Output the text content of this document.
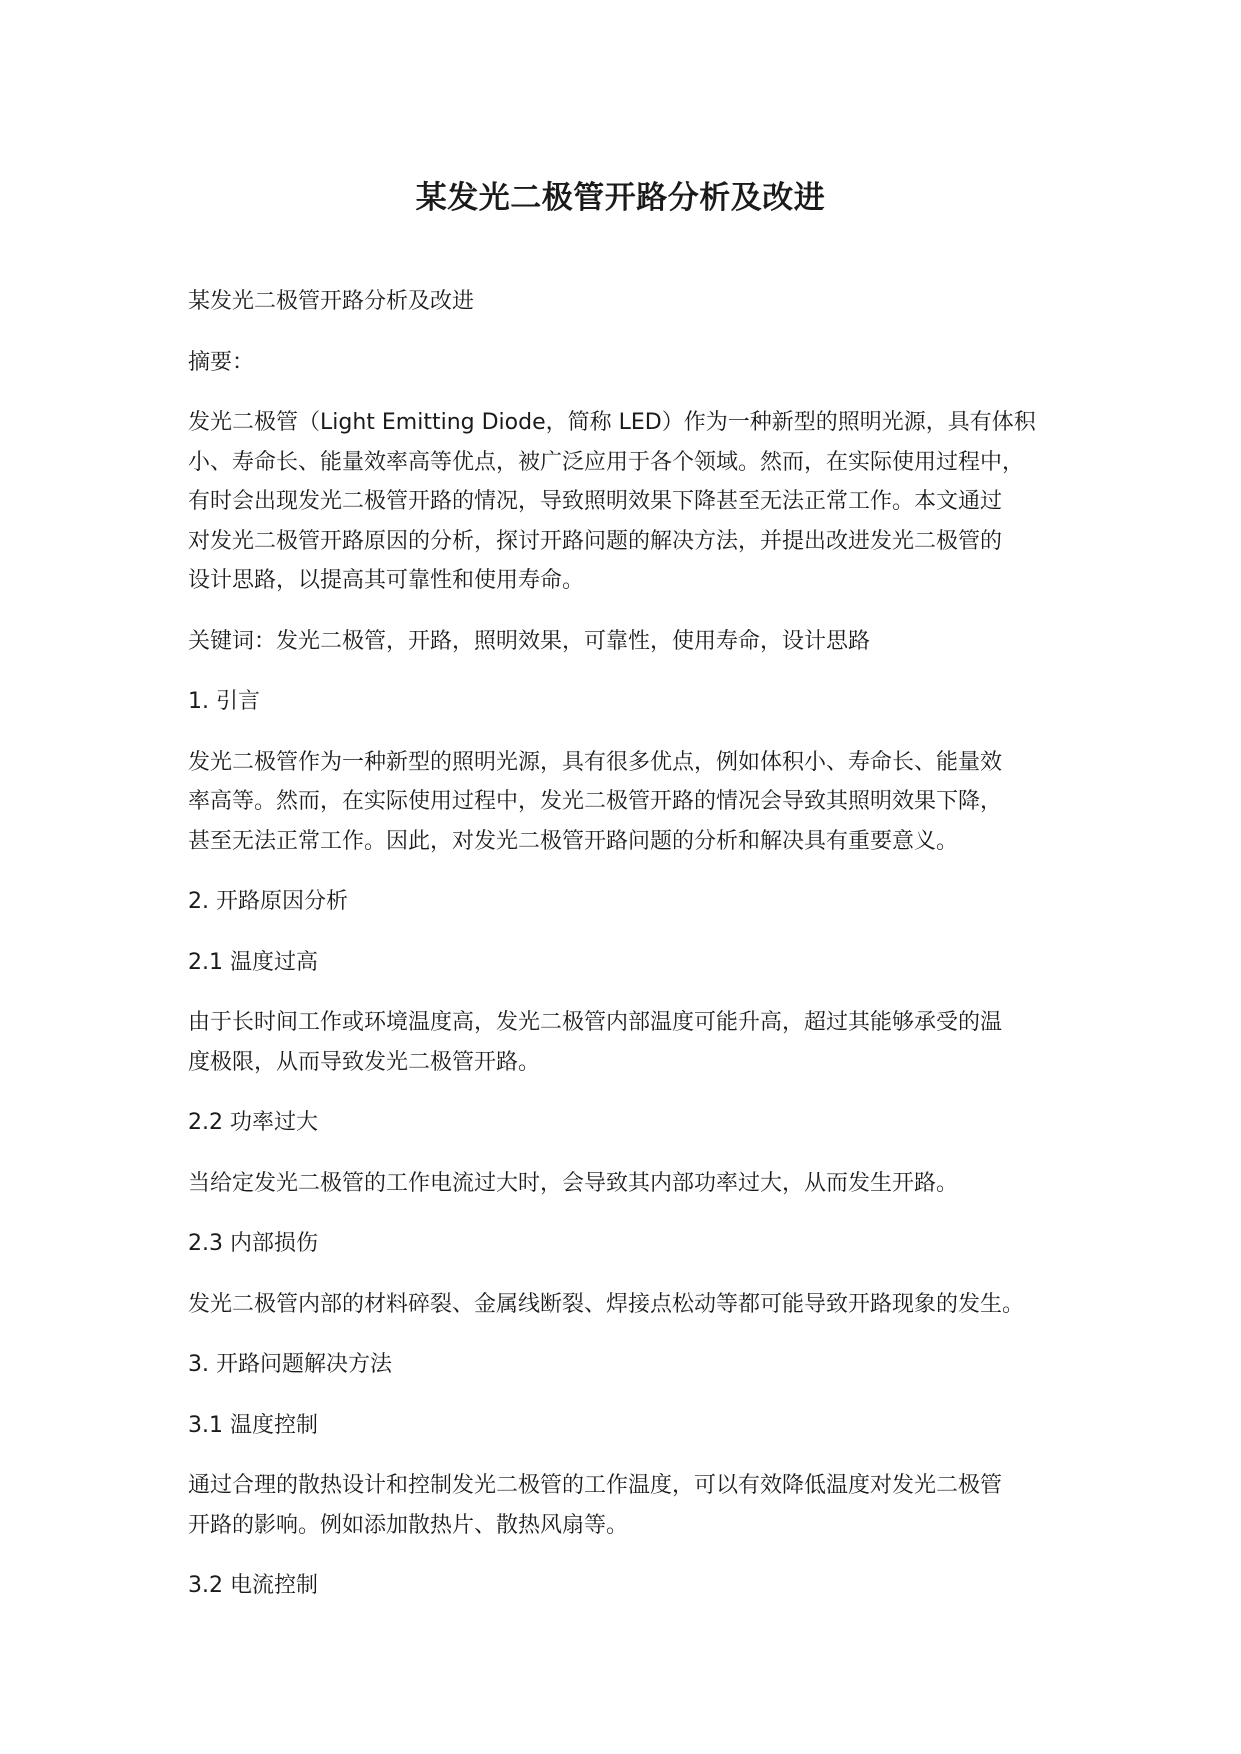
某发光二极管开路分析及改进

某发光二极管开路分析及改进

摘要：

发光二极管（Light Emitting Diode，简称 LED）作为一种新型的照明光源，具有体积
小、寿命长、能量效率高等优点，被广泛应用于各个领域。然而，在实际使用过程中，
有时会出现发光二极管开路的情况，导致照明效果下降甚至无法正常工作。本文通过
对发光二极管开路原因的分析，探讨开路问题的解决方法，并提出改进发光二极管的
设计思路，以提高其可靠性和使用寿命。

关键词：发光二极管，开路，照明效果，可靠性，使用寿命，设计思路

1. 引言

发光二极管作为一种新型的照明光源，具有很多优点，例如体积小、寿命长、能量效
率高等。然而，在实际使用过程中，发光二极管开路的情况会导致其照明效果下降，
甚至无法正常工作。因此，对发光二极管开路问题的分析和解决具有重要意义。

2. 开路原因分析

2.1 温度过高

由于长时间工作或环境温度高，发光二极管内部温度可能升高，超过其能够承受的温
度极限，从而导致发光二极管开路。

2.2 功率过大

当给定发光二极管的工作电流过大时，会导致其内部功率过大，从而发生开路。

2.3 内部损伤

发光二极管内部的材料碎裂、金属线断裂、焊接点松动等都可能导致开路现象的发生。

3. 开路问题解决方法

3.1 温度控制

通过合理的散热设计和控制发光二极管的工作温度，可以有效降低温度对发光二极管
开路的影响。例如添加散热片、散热风扇等。

3.2 电流控制
